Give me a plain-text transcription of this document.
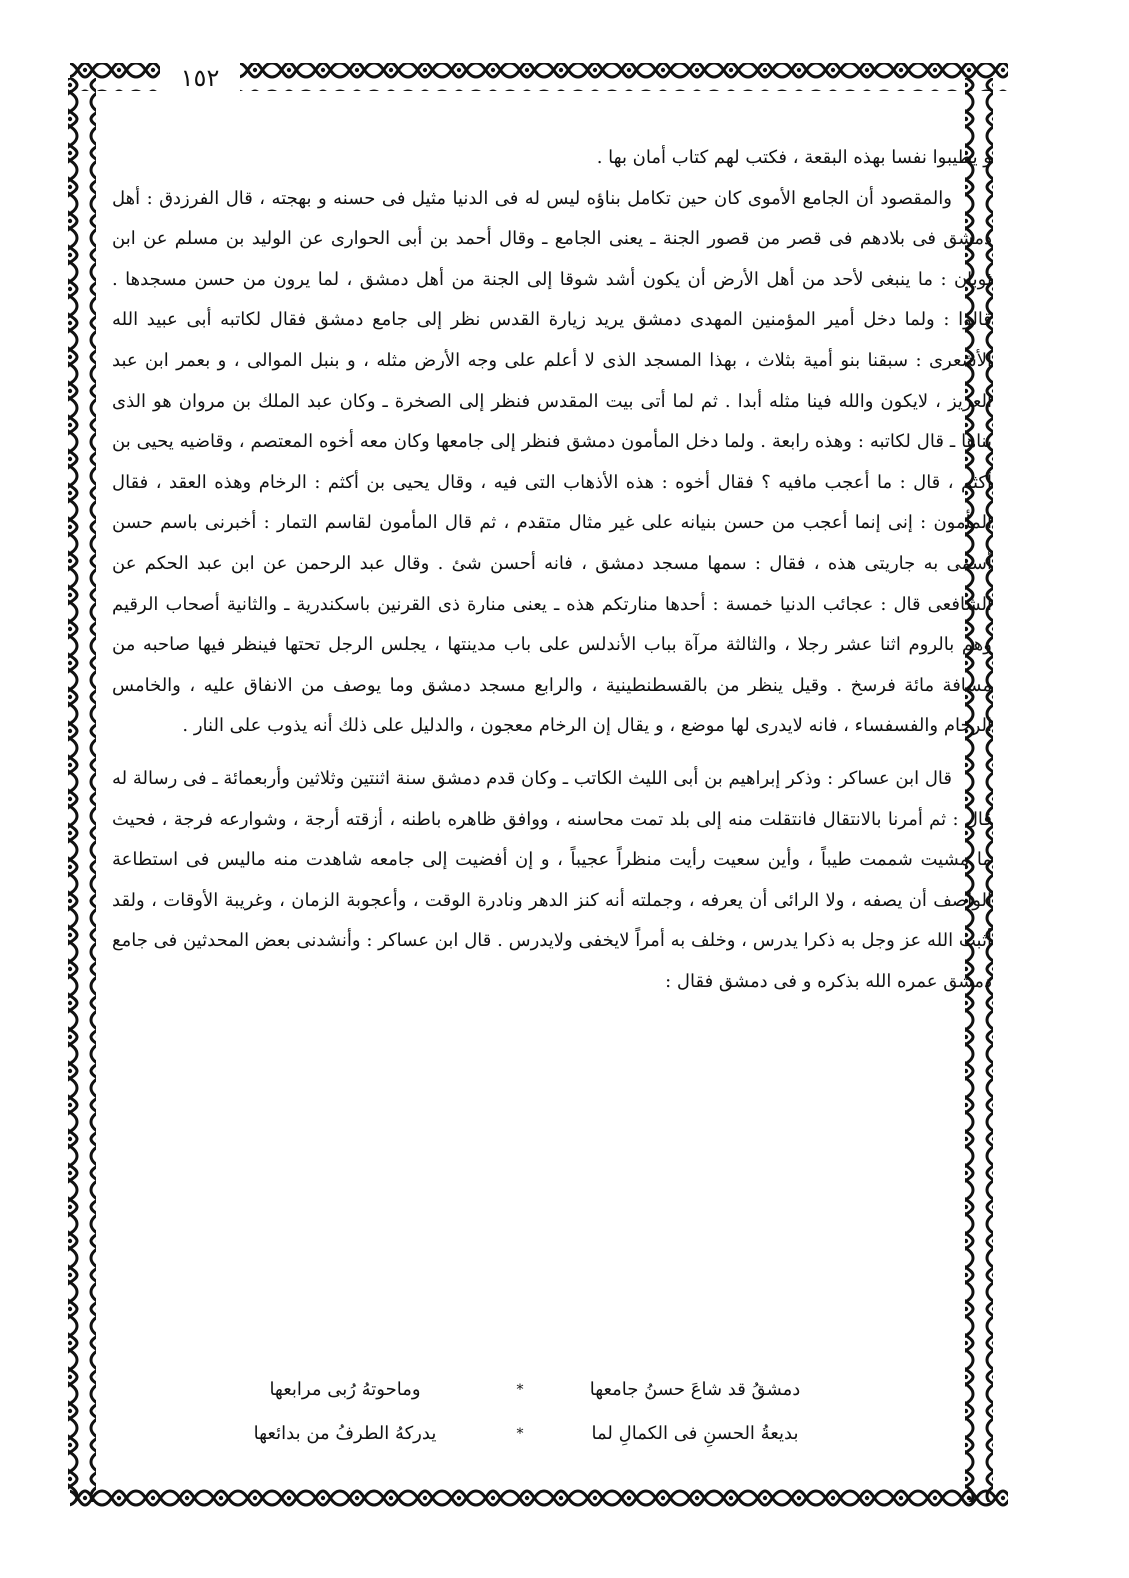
١٥٢

و يطيبوا نفسا بهذه البقعة ، فكتب لهم كتاب أمان بها .

والمقصود أن الجامع الأموى كان حين تكامل بناؤه ليس له فى الدنيا مثيل فى حسنه و بهجته ، قال الفرزدق : أهل دمشق فى بلادهم فى قصر من قصور الجنة ـ يعنى الجامع ـ وقال أحمد بن أبى الحوارى عن الوليد بن مسلم عن ابن ثوبان : ما ينبغى لأحد من أهل الأرض أن يكون أشد شوقا إلى الجنة من أهل دمشق ، لما يرون من حسن مسجدها . قالوا : ولما دخل أمير المؤمنين المهدى دمشق يريد زيارة القدس نظر إلى جامع دمشق فقال لكاتبه أبى عبيد الله الأشعرى : سبقنا بنو أمية بثلاث ، بهذا المسجد الذى لا أعلم على وجه الأرض مثله ، و بنبل الموالى ، و بعمر ابن عبد العزيز ، لايكون والله فينا مثله أبدا . ثم لما أتى بيت المقدس فنظر إلى الصخرة ـ وكان عبد الملك بن مروان هو الذى بناها ـ قال لكاتبه : وهذه رابعة . ولما دخل المأمون دمشق فنظر إلى جامعها وكان معه أخوه المعتصم ، وقاضيه يحيى بن أكثم ، قال : ما أعجب مافيه ؟ فقال أخوه : هذه الأذهاب التى فيه ، وقال يحيى بن أكثم : الرخام وهذه العقد ، فقال المأمون : إنى إنما أعجب من حسن بنيانه على غير مثال متقدم ، ثم قال المأمون لقاسم التمار : أخبرنى باسم حسن أسمى به جاريتى هذه ، فقال : سمها مسجد دمشق ، فانه أحسن شئ . وقال عبد الرحمن عن ابن عبد الحكم عن الشافعى قال : عجائب الدنيا خمسة : أحدها منارتكم هذه ـ يعنى منارة ذى القرنين باسكندرية ـ والثانية أصحاب الرقيم وهم بالروم اثنا عشر رجلا ، والثالثة مرآة بباب الأندلس على باب مدينتها ، يجلس الرجل تحتها فينظر فيها صاحبه من مسافة مائة فرسخ . وقيل ينظر من بالقسطنطينية ، والرابع مسجد دمشق وما يوصف من الانفاق عليه ، والخامس الرخام والفسفساء ، فانه لايدرى لها موضع ، و يقال إن الرخام معجون ، والدليل على ذلك أنه يذوب على النار .

قال ابن عساكر : وذكر إبراهيم بن أبى الليث الكاتب ـ وكان قدم دمشق سنة اثنتين وثلاثين وأربعمائة ـ فى رسالة له قال : ثم أمرنا بالانتقال فانتقلت منه إلى بلد تمت محاسنه ، ووافق ظاهره باطنه ، أزقته أرجة ، وشوارعه فرجة ، فحيث ما مشيت شممت طيباً ، وأين سعيت رأيت منظراً عجيباً ، و إن أفضيت إلى جامعه شاهدت منه ماليس فى استطاعة الواصف أن يصفه ، ولا الرائى أن يعرفه ، وجملته أنه كنز الدهر ونادرة الوقت ، وأعجوبة الزمان ، وغريبة الأوقات ، ولقد أثبت الله عز وجل به ذكرا يدرس ، وخلف به أمراً لايخفى ولايدرس . قال ابن عساكر : وأنشدنى بعض المحدثين فى جامع دمشق عمره الله بذكره و فى دمشق فقال :

دمشقُ قد شاعَ حسنُ جامعها
*
وماحوتهُ رُبى مرابعها
بديعةُ الحسنِ فى الكمالِ لما
*
يدركهُ الطرفُ من بدائعها
